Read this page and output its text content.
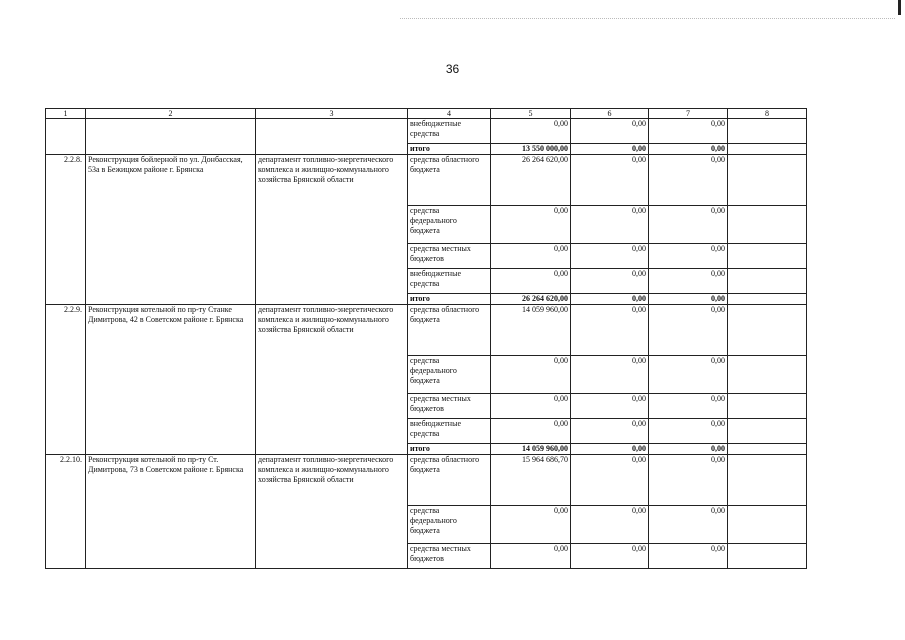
36
1	2	3	4	5	6	7	8
			внебюджетные средства	0,00	0,00	0,00	
			итого	13 550 000,00	0,00	0,00	
2.2.8.	Реконструкция бойлерной по ул. Донбасская, 53а в Бежицком районе г. Брянска	департамент топливно-энергетического комплекса и жилищно-коммунального хозяйства Брянской области	средства областного бюджета	26 264 620,00	0,00	0,00	
			средства федерального бюджета	0,00	0,00	0,00	
			средства местных бюджетов	0,00	0,00	0,00	
			внебюджетные средства	0,00	0,00	0,00	
			итого	26 264 620,00	0,00	0,00	
2.2.9.	Реконструкция котельной по пр-ту Станке Димитрова, 42 в Советском районе г. Брянска	департамент топливно-энергетического комплекса и жилищно-коммунального хозяйства Брянской области	средства областного бюджета	14 059 960,00	0,00	0,00	
			средства федерального бюджета	0,00	0,00	0,00	
			средства местных бюджетов	0,00	0,00	0,00	
			внебюджетные средства	0,00	0,00	0,00	
			итого	14 059 960,00	0,00	0,00	
2.2.10.	Реконструкция котельной по пр-ту Ст. Димитрова, 73 в Советском районе г. Брянска	департамент топливно-энергетического комплекса и жилищно-коммунального хозяйства Брянской области	средства областного бюджета	15 964 686,70	0,00	0,00	
			средства федерального бюджета	0,00	0,00	0,00	
			средства местных бюджетов	0,00	0,00	0,00	
